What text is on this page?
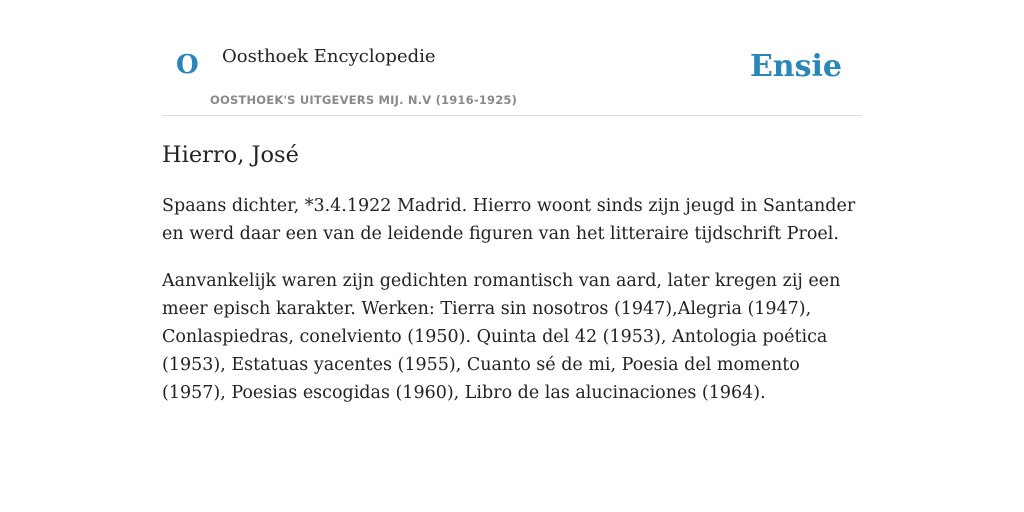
O Oosthoek Encyclopedie
OOSTHOEK'S UITGEVERS MIJ. N.V (1916-1925)
Ensie
Hierro, José

Spaans dichter, *3.4.1922 Madrid. Hierro woont sinds zijn jeugd in Santander en werd daar een van de leidende figuren van het litteraire tijdschrift Proel.

Aanvankelijk waren zijn gedichten romantisch van aard, later kregen zij een meer episch karakter. Werken: Tierra sin nosotros (1947),Alegria (1947), Conlaspiedras, conelviento (1950). Quinta del 42 (1953), Antologia poética (1953), Estatuas yacentes (1955), Cuanto sé de mi, Poesia del momento (1957), Poesias escogidas (1960), Libro de las alucinaciones (1964).
